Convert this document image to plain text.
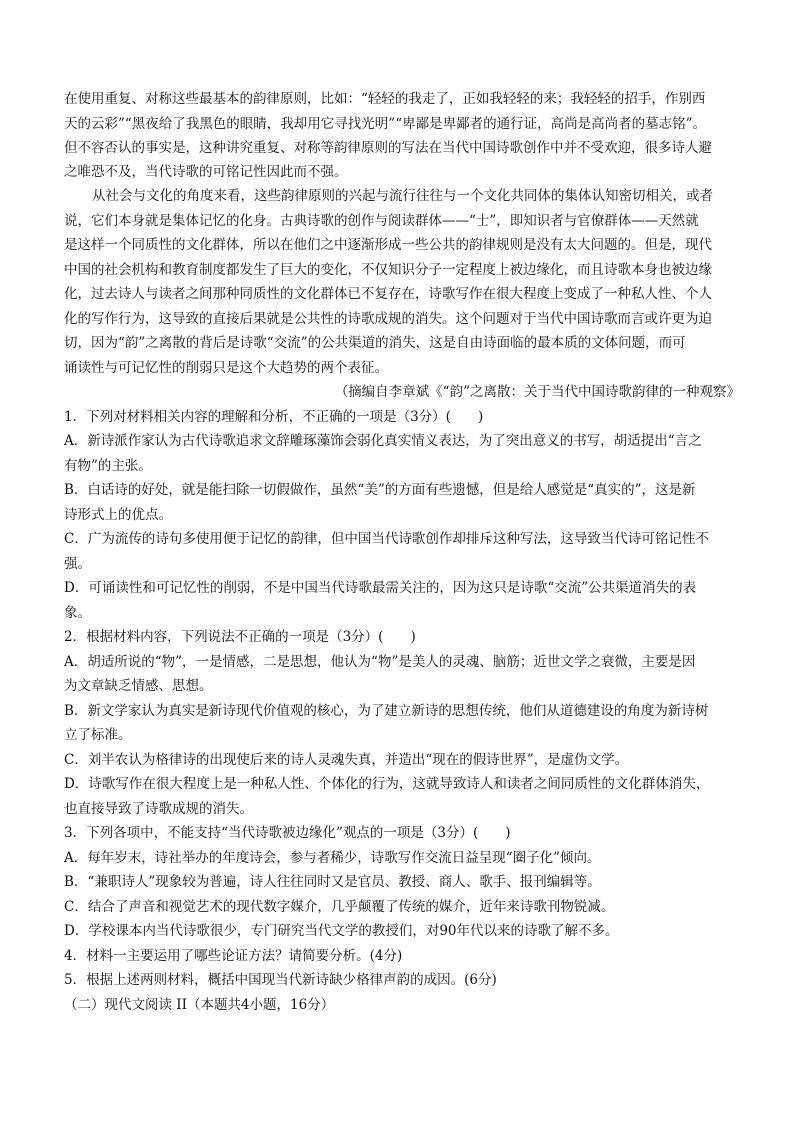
在使用重复、对称这些最基本的韵律原则，比如：“轻轻的我走了，正如我轻轻的来；我轻轻的招手，作别西
天的云彩”“黑夜给了我黑色的眼睛，我却用它寻找光明”“卑鄙是卑鄙者的通行证，高尚是高尚者的墓志铭”。
但不容否认的事实是，这种讲究重复、对称等韵律原则的写法在当代中国诗歌创作中并不受欢迎，很多诗人避
之唯恐不及，当代诗歌的可铭记性因此而不强。
从社会与文化的角度来看，这些韵律原则的兴起与流行往往与一个文化共同体的集体认知密切相关，或者
说，它们本身就是集体记忆的化身。古典诗歌的创作与阅读群体——“士”，即知识者与官僚群体——天然就
是这样一个同质性的文化群体，所以在他们之中逐渐形成一些公共的韵律规则是没有太大问题的。但是，现代
中国的社会机构和教育制度都发生了巨大的变化，不仅知识分子一定程度上被边缘化，而且诗歌本身也被边缘
化，过去诗人与读者之间那种同质性的文化群体已不复存在，诗歌写作在很大程度上变成了一种私人性、个人
化的写作行为，这导致的直接后果就是公共性的诗歌成规的消失。这个问题对于当代中国诗歌而言或许更为迫
切，因为“韵”之离散的背后是诗歌“交流”的公共渠道的消失，这是自由诗面临的最本质的文体问题，而可
诵读性与可记忆性的削弱只是这个大趋势的两个表征。
（摘编自李章斌《“韵”之离散：关于当代中国诗歌韵律的一种观察》
1．下列对材料相关内容的理解和分析，不正确的一项是（3分）(　　)
A．新诗派作家认为古代诗歌追求文辞雕琢藻饰会弱化真实情义表达，为了突出意义的书写，胡适提出“言之
有物”的主张。
B．白话诗的好处，就是能扫除一切假做作，虽然“美”的方面有些遗憾，但是给人感觉是“真实的”，这是新
诗形式上的优点。
C．广为流传的诗句多使用便于记忆的韵律，但中国当代诗歌创作却排斥这种写法，这导致当代诗可铭记性不
强。
D．可诵读性和可记忆性的削弱，不是中国当代诗歌最需关注的，因为这只是诗歌“交流”公共渠道消失的表
象。
2．根据材料内容，下列说法不正确的一项是（3分）(　　)
A．胡适所说的“物”，一是情感，二是思想，他认为“物”是美人的灵魂、脑筋；近世文学之衰微，主要是因
为文章缺乏情感、思想。
B．新文学家认为真实是新诗现代价值观的核心，为了建立新诗的思想传统，他们从道德建设的角度为新诗树
立了标准。
C．刘半农认为格律诗的出现使后来的诗人灵魂失真，并造出“现在的假诗世界”，是虚伪文学。
D．诗歌写作在很大程度上是一种私人性、个体化的行为，这就导致诗人和读者之间同质性的文化群体消失，
也直接导致了诗歌成规的消失。
3．下列各项中，不能支持“当代诗歌被边缘化”观点的一项是（3分）(　　)
A．每年岁末，诗社举办的年度诗会，参与者稀少，诗歌写作交流日益呈现“圈子化”倾向。
B．“兼职诗人”现象较为普遍，诗人往往同时又是官员、教授、商人、歌手、报刊编辑等。
C．结合了声音和视觉艺术的现代数字媒介，几乎颠覆了传统的媒介，近年来诗歌刊物锐减。
D．学校课本内当代诗歌很少，专门研究当代文学的教授们，对90年代以来的诗歌了解不多。
4．材料一主要运用了哪些论证方法？请简要分析。(4分)
5．根据上述两则材料，概括中国现当代新诗缺少格律声韵的成因。(6分)
（二）现代文阅读 II（本题共4小题，16分）
